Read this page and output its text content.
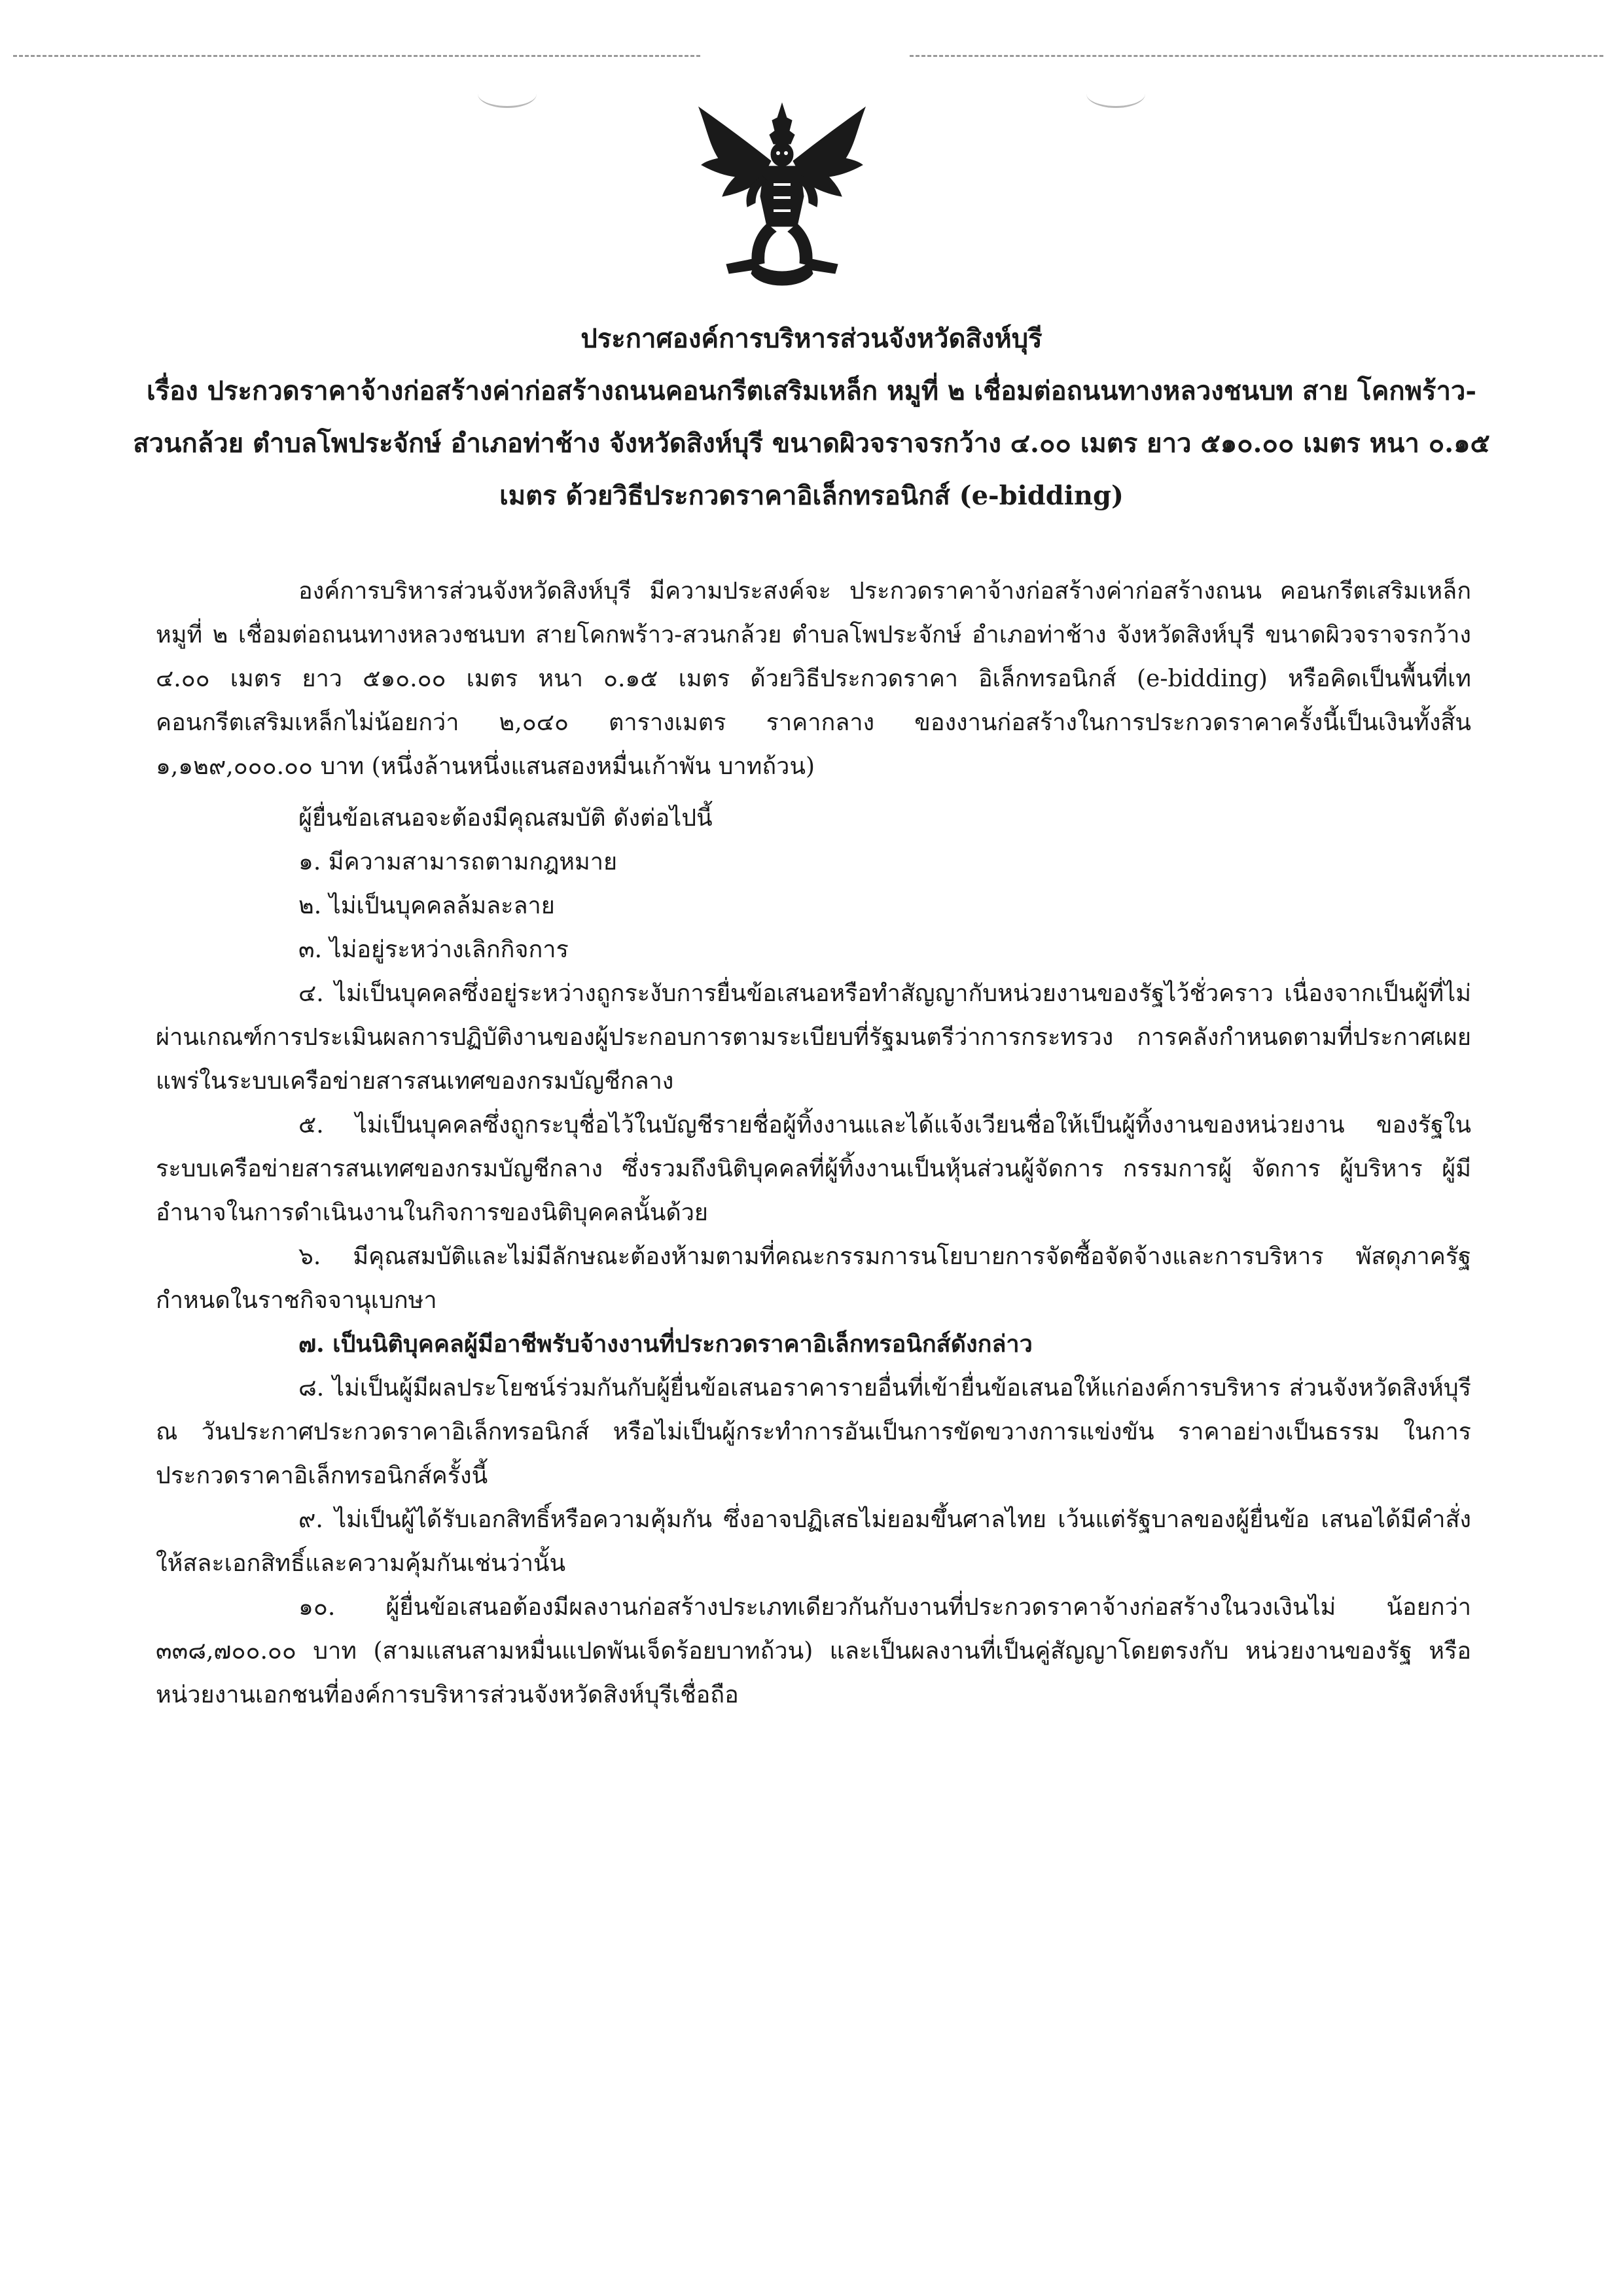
ประกาศองค์การบริหารส่วนจังหวัดสิงห์บุรี
เรื่อง ประกวดราคาจ้างก่อสร้างค่าก่อสร้างถนนคอนกรีตเสริมเหล็ก หมูที่ ๒ เชื่อมต่อถนนทางหลวงชนบท สาย โคกพร้าว-สวนกล้วย ตำบลโพประจักษ์ อำเภอท่าช้าง จังหวัดสิงห์บุรี ขนาดผิวจราจรกว้าง ๔.๐๐ เมตร ยาว ๕๑๐.๐๐ เมตร หนา ๐.๑๕ เมตร ด้วยวิธีประกวดราคาอิเล็กทรอนิกส์ (e-bidding)

องค์การบริหารส่วนจังหวัดสิงห์บุรี มีความประสงค์จะ ประกวดราคาจ้างก่อสร้างค่าก่อสร้างถนน คอนกรีตเสริมเหล็ก หมูที่ ๒ เชื่อมต่อถนนทางหลวงชนบท สายโคกพร้าว-สวนกล้วย ตำบลโพประจักษ์ อำเภอท่าช้าง จังหวัดสิงห์บุรี ขนาดผิวจราจรกว้าง ๔.๐๐ เมตร ยาว ๕๑๐.๐๐ เมตร หนา ๐.๑๕ เมตร ด้วยวิธีประกวดราคา อิเล็กทรอนิกส์ (e-bidding) หรือคิดเป็นพื้นที่เทคอนกรีตเสริมเหล็กไม่น้อยกว่า ๒,๐๔๐ ตารางเมตร ราคากลาง ของงานก่อสร้างในการประกวดราคาครั้งนี้เป็นเงินทั้งสิ้น ๑,๑๒๙,๐๐๐.๐๐ บาท (หนึ่งล้านหนึ่งแสนสองหมื่นเก้าพัน บาทถ้วน)

ผู้ยื่นข้อเสนอจะต้องมีคุณสมบัติ ดังต่อไปนี้

๑. มีความสามารถตามกฎหมาย

๒. ไม่เป็นบุคคลล้มละลาย

๓. ไม่อยู่ระหว่างเลิกกิจการ

๔. ไม่เป็นบุคคลซึ่งอยู่ระหว่างถูกระงับการยื่นข้อเสนอหรือทำสัญญากับหน่วยงานของรัฐไว้ชั่วคราว เนื่องจากเป็นผู้ที่ไม่ผ่านเกณฑ์การประเมินผลการปฏิบัติงานของผู้ประกอบการตามระเบียบที่รัฐมนตรีว่าการกระทรวง การคลังกำหนดตามที่ประกาศเผยแพร่ในระบบเครือข่ายสารสนเทศของกรมบัญชีกลาง

๕. ไม่เป็นบุคคลซึ่งถูกระบุชื่อไว้ในบัญชีรายชื่อผู้ทิ้งงานและได้แจ้งเวียนชื่อให้เป็นผู้ทิ้งงานของหน่วยงาน ของรัฐในระบบเครือข่ายสารสนเทศของกรมบัญชีกลาง ซึ่งรวมถึงนิติบุคคลที่ผู้ทิ้งงานเป็นหุ้นส่วนผู้จัดการ กรรมการผู้ จัดการ ผู้บริหาร ผู้มีอำนาจในการดำเนินงานในกิจการของนิติบุคคลนั้นด้วย

๖. มีคุณสมบัติและไม่มีลักษณะต้องห้ามตามที่คณะกรรมการนโยบายการจัดซื้อจัดจ้างและการบริหาร พัสดุภาครัฐกำหนดในราชกิจจานุเบกษา

๗. เป็นนิติบุคคลผู้มีอาชีพรับจ้างงานที่ประกวดราคาอิเล็กทรอนิกส์ดังกล่าว

๘. ไม่เป็นผู้มีผลประโยชน์ร่วมกันกับผู้ยื่นข้อเสนอราคารายอื่นที่เข้ายื่นข้อเสนอให้แก่องค์การบริหาร ส่วนจังหวัดสิงห์บุรี ณ วันประกาศประกวดราคาอิเล็กทรอนิกส์ หรือไม่เป็นผู้กระทำการอันเป็นการขัดขวางการแข่งขัน ราคาอย่างเป็นธรรม ในการประกวดราคาอิเล็กทรอนิกส์ครั้งนี้

๙. ไม่เป็นผู้ได้รับเอกสิทธิ์หรือความคุ้มกัน ซึ่งอาจปฏิเสธไม่ยอมขึ้นศาลไทย เว้นแต่รัฐบาลของผู้ยื่นข้อ เสนอได้มีคำสั่งให้สละเอกสิทธิ์และความคุ้มกันเช่นว่านั้น

๑๐. ผู้ยื่นข้อเสนอต้องมีผลงานก่อสร้างประเภทเดียวกันกับงานที่ประกวดราคาจ้างก่อสร้างในวงเงินไม่ น้อยกว่า ๓๓๘,๗๐๐.๐๐ บาท (สามแสนสามหมื่นแปดพันเจ็ดร้อยบาทถ้วน) และเป็นผลงานที่เป็นคู่สัญญาโดยตรงกับ หน่วยงานของรัฐ หรือหน่วยงานเอกชนที่องค์การบริหารส่วนจังหวัดสิงห์บุรีเชื่อถือ
